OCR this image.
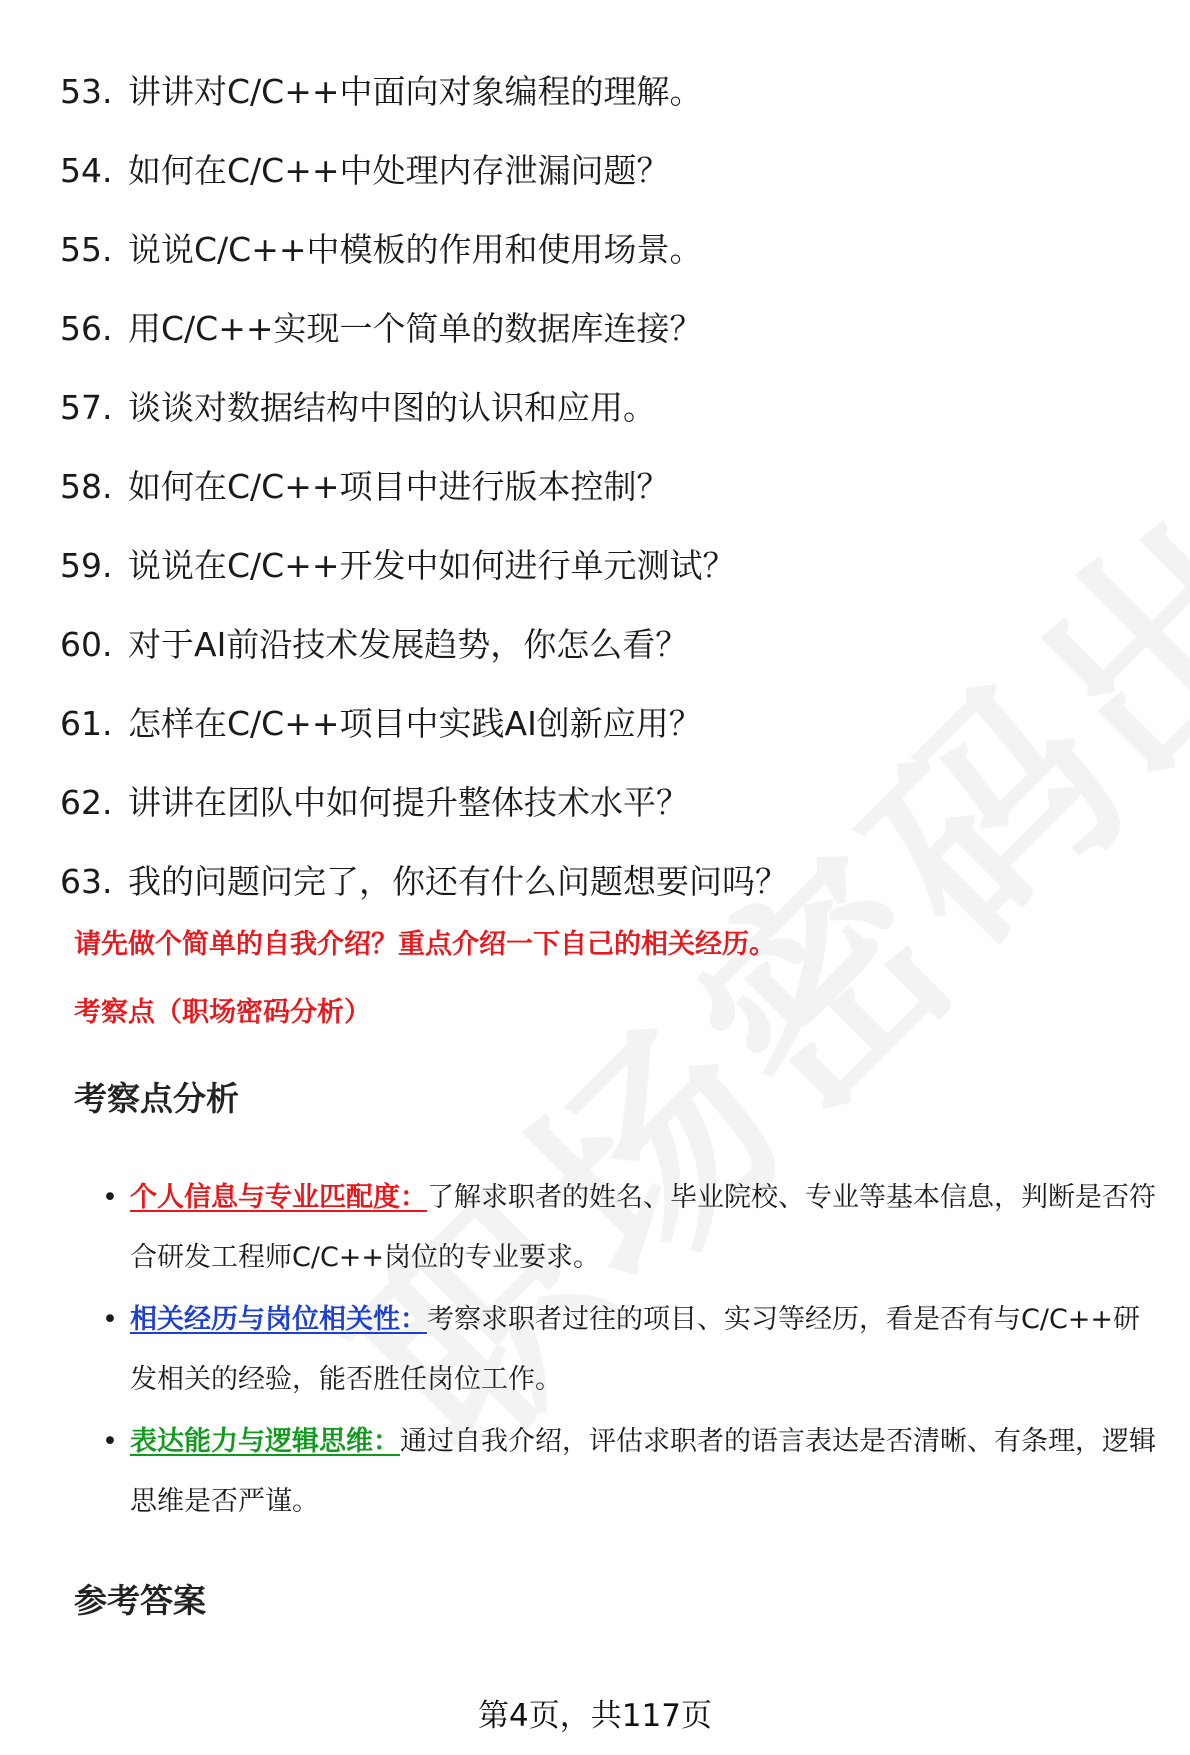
53. 讲讲对C/C++中面向对象编程的理解。
54. 如何在C/C++中处理内存泄漏问题？
55. 说说C/C++中模板的作用和使用场景。
56. 用C/C++实现一个简单的数据库连接？
57. 谈谈对数据结构中图的认识和应用。
58. 如何在C/C++项目中进行版本控制？
59. 说说在C/C++开发中如何进行单元测试？
60. 对于AI前沿技术发展趋势，你怎么看？
61. 怎样在C/C++项目中实践AI创新应用？
62. 讲讲在团队中如何提升整体技术水平？
63. 我的问题问完了，你还有什么问题想要问吗？
请先做个简单的自我介绍？重点介绍一下自己的相关经历。
考察点（职场密码分析）
考察点分析
• 个人信息与专业匹配度：了解求职者的姓名、毕业院校、专业等基本信息，判断是否符合研发工程师C/C++岗位的专业要求。
• 相关经历与岗位相关性：考察求职者过往的项目、实习等经历，看是否有与C/C++研发相关的经验，能否胜任岗位工作。
• 表达能力与逻辑思维：通过自我介绍，评估求职者的语言表达是否清晰、有条理，逻辑思维是否严谨。
参考答案
第4页，共117页
